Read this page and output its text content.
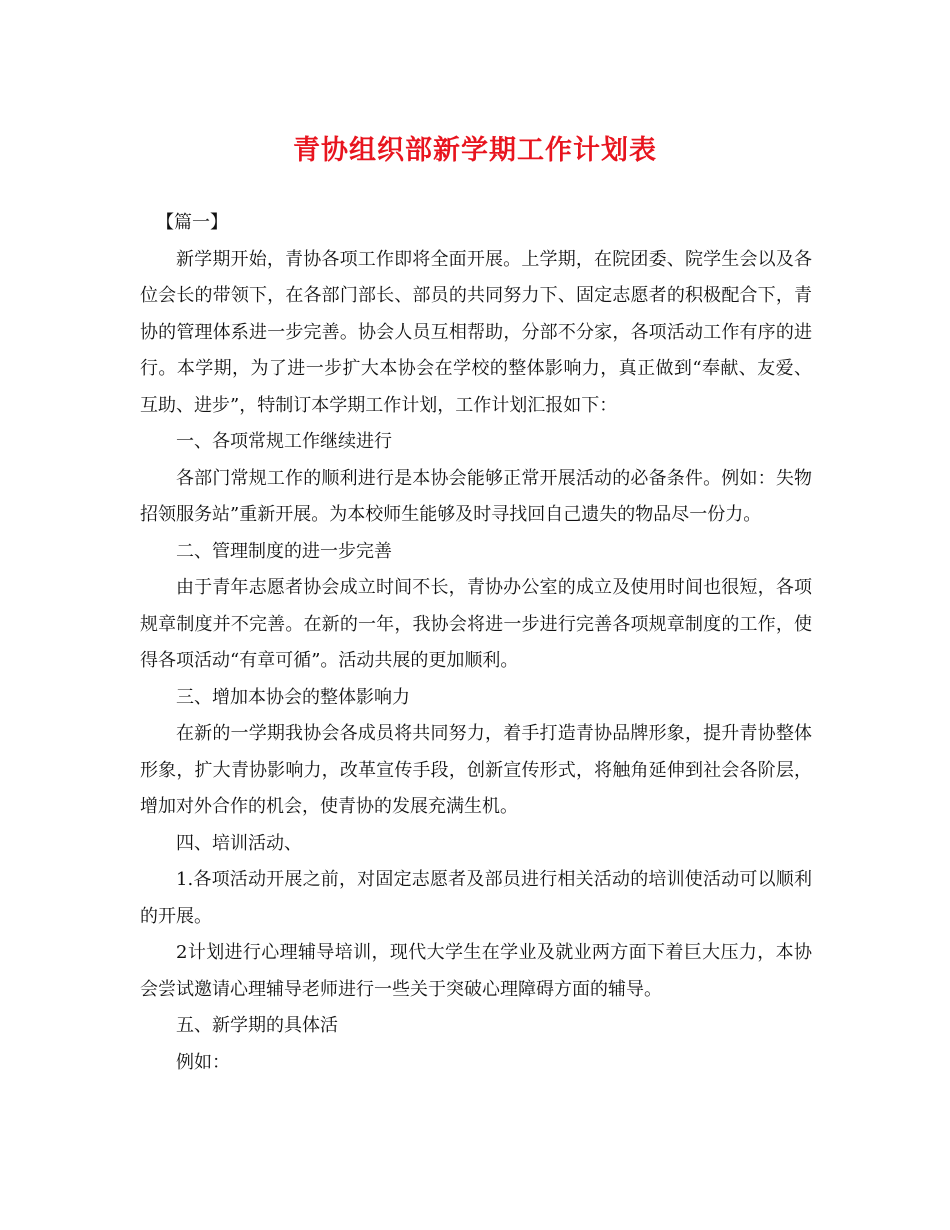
青协组织部新学期工作计划表

【篇一】

新学期开始，青协各项工作即将全面开展。上学期，在院团委、院学生会以及各位会长的带领下，在各部门部长、部员的共同努力下、固定志愿者的积极配合下，青协的管理体系进一步完善。协会人员互相帮助，分部不分家，各项活动工作有序的进行。本学期，为了进一步扩大本协会在学校的整体影响力，真正做到“奉献、友爱、互助、进步”，特制订本学期工作计划，工作计划汇报如下：

一、各项常规工作继续进行

各部门常规工作的顺利进行是本协会能够正常开展活动的必备条件。例如：失物招领服务站”重新开展。为本校师生能够及时寻找回自己遗失的物品尽一份力。

二、管理制度的进一步完善

由于青年志愿者协会成立时间不长，青协办公室的成立及使用时间也很短，各项规章制度并不完善。在新的一年，我协会将进一步进行完善各项规章制度的工作，使得各项活动“有章可循”。活动共展的更加顺利。

三、增加本协会的整体影响力

在新的一学期我协会各成员将共同努力，着手打造青协品牌形象，提升青协整体形象，扩大青协影响力，改革宣传手段，创新宣传形式，将触角延伸到社会各阶层，增加对外合作的机会，使青协的发展充满生机。

四、培训活动、

1.各项活动开展之前，对固定志愿者及部员进行相关活动的培训使活动可以顺利的开展。

2计划进行心理辅导培训，现代大学生在学业及就业两方面下着巨大压力，本协会尝试邀请心理辅导老师进行一些关于突破心理障碍方面的辅导。

五、新学期的具体活

例如：
